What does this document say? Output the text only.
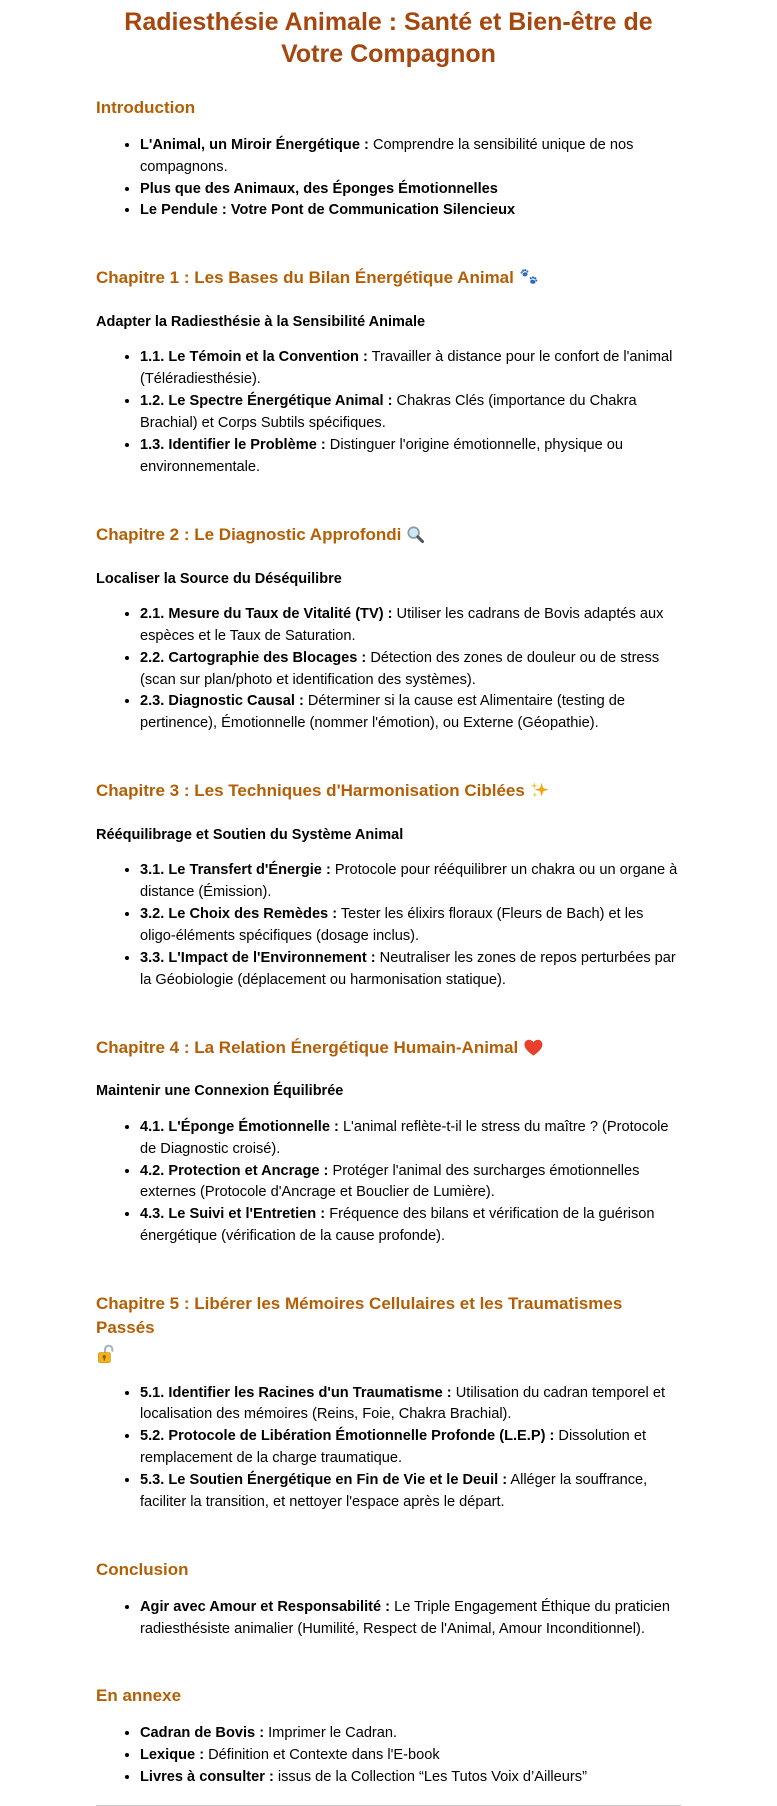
Radiesthésie Animale : Santé et Bien-être de Votre Compagnon
Introduction
• L'Animal, un Miroir Énergétique : Comprendre la sensibilité unique de nos compagnons.
• Plus que des Animaux, des Éponges Émotionnelles
• Le Pendule : Votre Pont de Communication Silencieux
Chapitre 1 : Les Bases du Bilan Énergétique Animal
Adapter la Radiesthésie à la Sensibilité Animale
• 1.1. Le Témoin et la Convention : Travailler à distance pour le confort de l'animal (Téléradiesthésie).
• 1.2. Le Spectre Énergétique Animal : Chakras Clés (importance du Chakra Brachial) et Corps Subtils spécifiques.
• 1.3. Identifier le Problème : Distinguer l'origine émotionnelle, physique ou environnementale.
Chapitre 2 : Le Diagnostic Approfondi
Localiser la Source du Déséquilibre
• 2.1. Mesure du Taux de Vitalité (TV) : Utiliser les cadrans de Bovis adaptés aux espèces et le Taux de Saturation.
• 2.2. Cartographie des Blocages : Détection des zones de douleur ou de stress (scan sur plan/photo et identification des systèmes).
• 2.3. Diagnostic Causal : Déterminer si la cause est Alimentaire (testing de pertinence), Émotionnelle (nommer l'émotion), ou Externe (Géopathie).
Chapitre 3 : Les Techniques d'Harmonisation Ciblées
Rééquilibrage et Soutien du Système Animal
• 3.1. Le Transfert d'Énergie : Protocole pour rééquilibrer un chakra ou un organe à distance (Émission).
• 3.2. Le Choix des Remèdes : Tester les élixirs floraux (Fleurs de Bach) et les oligo-éléments spécifiques (dosage inclus).
• 3.3. L'Impact de l'Environnement : Neutraliser les zones de repos perturbées par la Géobiologie (déplacement ou harmonisation statique).
Chapitre 4 : La Relation Énergétique Humain-Animal
Maintenir une Connexion Équilibrée
• 4.1. L'Éponge Émotionnelle : L'animal reflète-t-il le stress du maître ? (Protocole de Diagnostic croisé).
• 4.2. Protection et Ancrage : Protéger l'animal des surcharges émotionnelles externes (Protocole d'Ancrage et Bouclier de Lumière).
• 4.3. Le Suivi et l'Entretien : Fréquence des bilans et vérification de la guérison énergétique (vérification de la cause profonde).
Chapitre 5 : Libérer les Mémoires Cellulaires et les Traumatismes Passés
• 5.1. Identifier les Racines d'un Traumatisme : Utilisation du cadran temporel et localisation des mémoires (Reins, Foie, Chakra Brachial).
• 5.2. Protocole de Libération Émotionnelle Profonde (L.E.P) : Dissolution et remplacement de la charge traumatique.
• 5.3. Le Soutien Énergétique en Fin de Vie et le Deuil : Alléger la souffrance, faciliter la transition, et nettoyer l'espace après le départ.
Conclusion
• Agir avec Amour et Responsabilité : Le Triple Engagement Éthique du praticien radiesthésiste animalier (Humilité, Respect de l'Animal, Amour Inconditionnel).
En annexe
• Cadran de Bovis : Imprimer le Cadran.
• Lexique : Définition et Contexte dans l'E-book
• Livres à consulter : issus de la Collection “Les Tutos Voix d’Ailleurs”
